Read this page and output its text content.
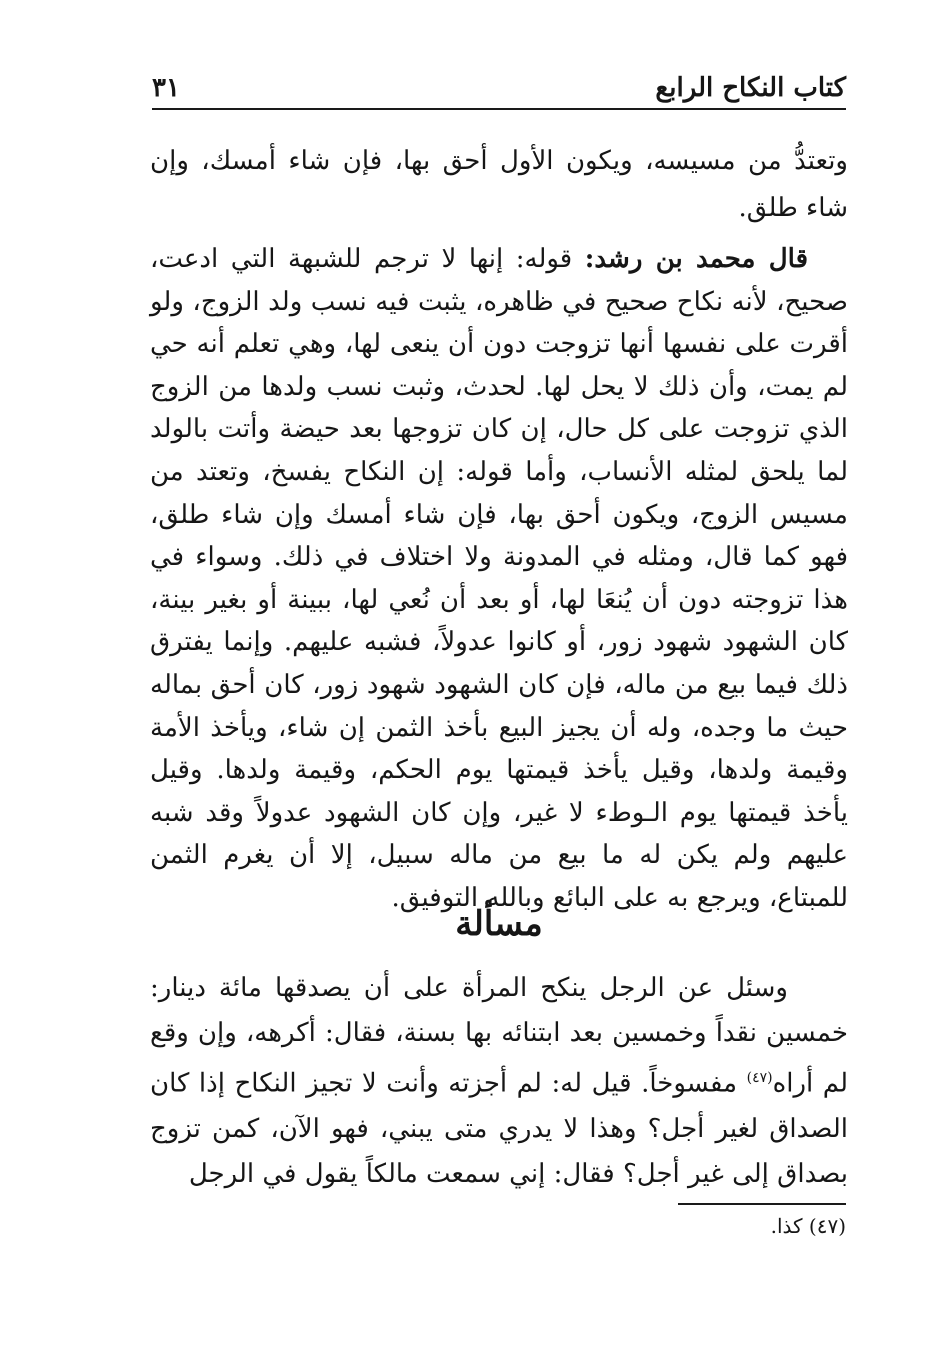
كتاب النكاح الرابع
٣١

وتعتدُّ من مسيسه، ويكون الأول أحق بها، فإن شاء أمسك، وإن شاء طلق.

قال محمد بن رشد: قوله: إنها لا ترجم للشبهة التي ادعت، صحيح، لأنه نكاح صحيح في ظاهره، يثبت فيه نسب ولد الزوج، ولو أقرت على نفسها أنها تزوجت دون أن ينعى لها، وهي تعلم أنه حي لم يمت، وأن ذلك لا يحل لها. لحدث، وثبت نسب ولدها من الزوج الذي تزوجت على كل حال، إن كان تزوجها بعد حيضة وأتت بالولد لما يلحق لمثله الأنساب، وأما قوله: إن النكاح يفسخ، وتعتد من مسيس الزوج، ويكون أحق بها، فإن شاء أمسك وإن شاء طلق، فهو كما قال، ومثله في المدونة ولا اختلاف في ذلك. وسواء في هذا تزوجته دون أن يُنعَا لها، أو بعد أن نُعي لها، ببينة أو بغير بينة، كان الشهود شهود زور، أو كانوا عدولاً، فشبه عليهم. وإنما يفترق ذلك فيما بيع من ماله، فإن كان الشهود شهود زور، كان أحق بماله حيث ما وجده، وله أن يجيز البيع بأخذ الثمن إن شاء، ويأخذ الأمة وقيمة ولدها، وقيل يأخذ قيمتها يوم الحكم، وقيمة ولدها. وقيل يأخذ قيمتها يوم الـوطء لا غير، وإن كان الشهود عدولاً وقد شبه عليهم ولم يكن له ما بيع من ماله سبيل، إلا أن يغرم الثمن للمبتاع، ويرجع به على البائع وبالله التوفيق.

مسألة

وسئل عن الرجل ينكح المرأة على أن يصدقها مائة دينار: خمسين نقداً وخمسين بعد ابتنائه بها بسنة، فقال: أكرهه، وإن وقع لم أراه$^{(٤٧)}$ مفسوخاً. قيل له: لم أجزته وأنت لا تجيز النكاح إذا كان الصداق لغير أجل؟ وهذا لا يدري متى يبني، فهو الآن، كمن تزوج بصداق إلى غير أجل؟ فقال: إني سمعت مالكاً يقول في الرجل

(٤٧) كذا.
